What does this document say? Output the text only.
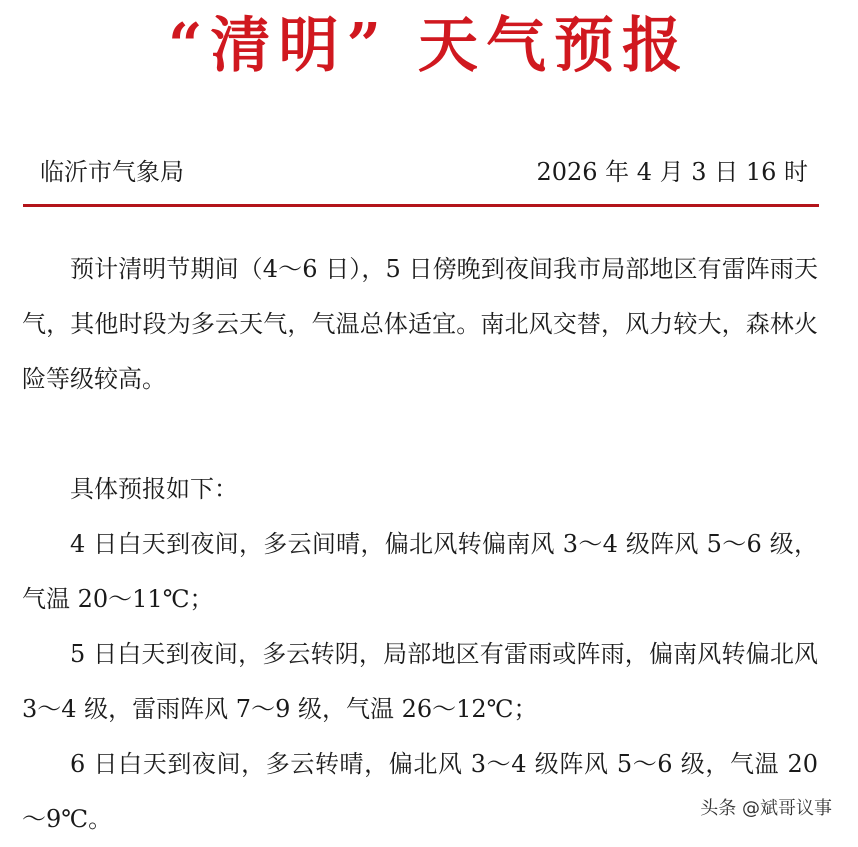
“清明” 天气预报
临沂市气象局	2026 年 4 月 3 日 16 时

预计清明节期间（4～6 日），5 日傍晚到夜间我市局部地区有雷阵雨天气，其他时段为多云天气，气温总体适宜。南北风交替，风力较大，森林火险等级较高。

具体预报如下：

4 日白天到夜间，多云间晴，偏北风转偏南风 3～4 级阵风 5～6 级，气温 20～11℃；

5 日白天到夜间，多云转阴，局部地区有雷雨或阵雨，偏南风转偏北风 3～4 级，雷雨阵风 7～9 级，气温 26～12℃；

6 日白天到夜间，多云转晴，偏北风 3～4 级阵风 5～6 级，气温 20～9℃。	头条 @斌哥议事
